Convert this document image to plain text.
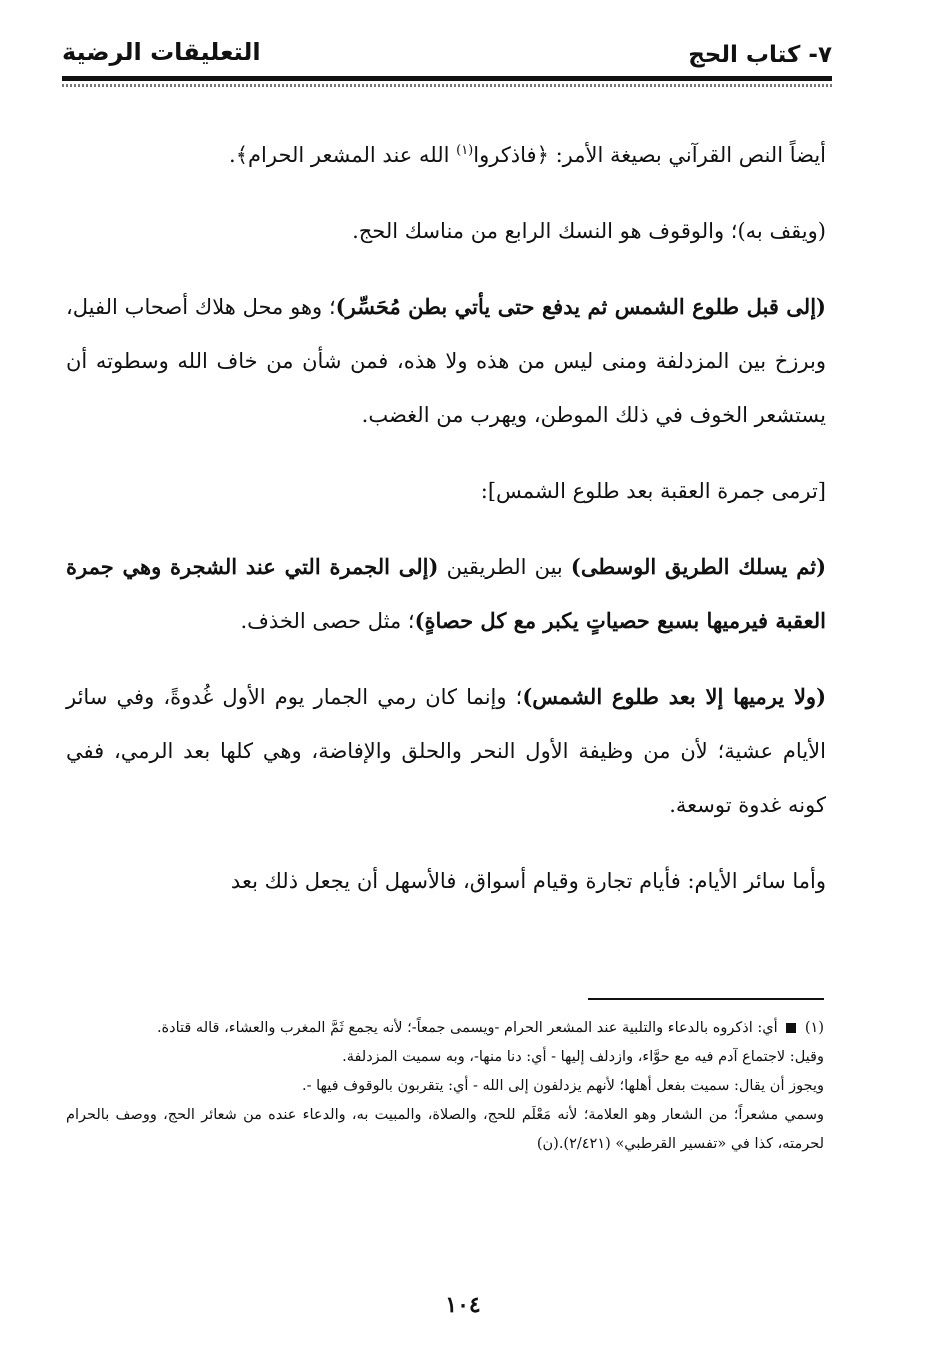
٧- كتاب الحج
التعليقات الرضية

أيضاً النص القرآني بصيغة الأمر: ﴿فاذكروا$^{(١)}$ الله عند المشعر الحرام﴾.

(ويقف به)؛ والوقوف هو النسك الرابع من مناسك الحج.

(إلى قبل طلوع الشمس ثم يدفع حتى يأتي بطن مُحَسِّر)؛ وهو محل هلاك أصحاب الفيل، وبرزخ بين المزدلفة ومنى ليس من هذه ولا هذه، فمن شأن من خاف الله وسطوته أن يستشعر الخوف في ذلك الموطن، ويهرب من الغضب.

[ترمى جمرة العقبة بعد طلوع الشمس]:

(ثم يسلك الطريق الوسطى) بين الطريقين (إلى الجمرة التي عند الشجرة وهي جمرة العقبة فيرميها بسبع حصياتٍ يكبر مع كل حصاةٍ)؛ مثل حصى الخذف.

(ولا يرميها إلا بعد طلوع الشمس)؛ وإنما كان رمي الجمار يوم الأول غُدوةً، وفي سائر الأيام عشية؛ لأن من وظيفة الأول النحر والحلق والإفاضة، وهي كلها بعد الرمي، ففي كونه غدوة توسعة.

وأما سائر الأيام: فأيام تجارة وقيام أسواق، فالأسهل أن يجعل ذلك بعد

(١)  أي: اذكروه بالدعاء والتلبية عند المشعر الحرام -ويسمى جمعاً-؛ لأنه يجمع ثَمَّ المغرب والعشاء، قاله قتادة.

وقيل: لاجتماع آدم فيه مع حوَّاء، وازدلف إليها - أي: دنا منها-، وبه سميت المزدلفة.

ويجوز أن يقال: سميت بفعل أهلها؛ لأنهم يزدلفون إلى الله - أي: يتقربون بالوقوف فيها -.

وسمي مشعراً؛ من الشعار وهو العلامة؛ لأنه مَعْلَم للحج، والصلاة، والمبيت به، والدعاء عنده من شعائر الحج، ووصف بالحرام لحرمته، كذا في «تفسير القرطبي» (٢/٤٢١).(ن)

١٠٤
